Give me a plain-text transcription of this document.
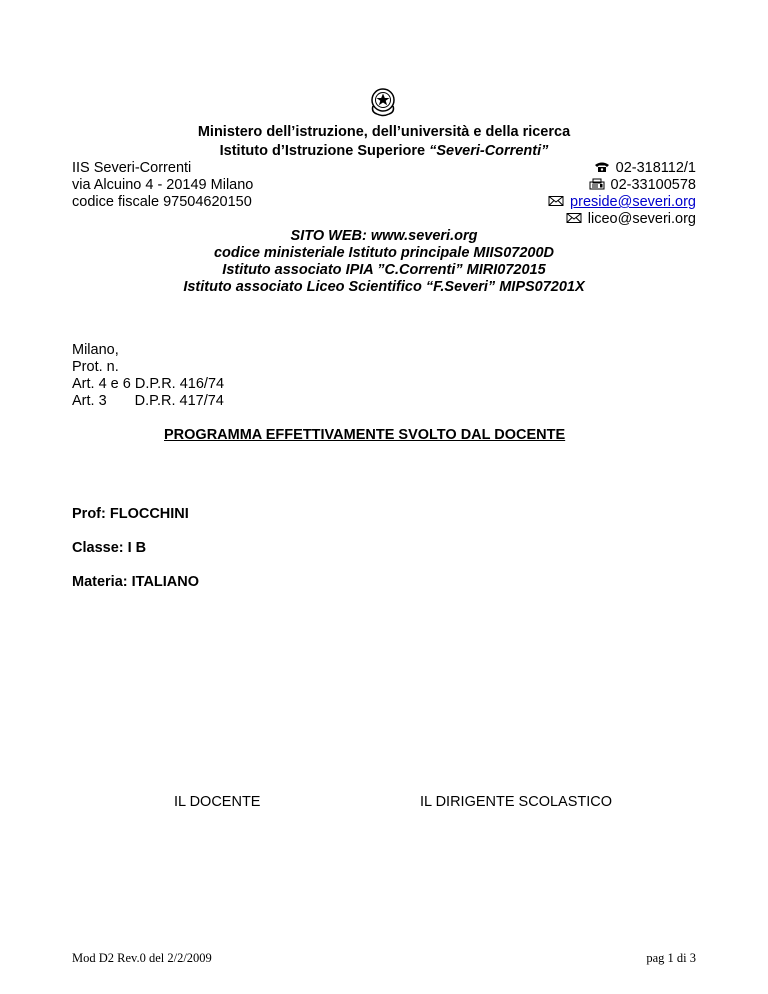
Ministero dell’istruzione, dell’università e della ricerca
Istituto d’Istruzione Superiore “Severi-Correnti”
IIS Severi-Correnti
via Alcuino 4 - 20149 Milano
codice fiscale 97504620150
02-318112/1
02-33100578
preside@severi.org
liceo@severi.org
SITO WEB: www.severi.org
codice ministeriale Istituto principale MIIS07200D
Istituto associato IPIA ”C.Correnti” MIRI072015
Istituto associato Liceo Scientifico “F.Severi” MIPS07201X
Milano,
Prot. n.
Art. 4 e 6 D.P.R. 416/74
Art. 3 D.P.R. 417/74
PROGRAMMA EFFETTIVAMENTE SVOLTO DAL DOCENTE
Prof: FLOCCHINI
Classe: I B
Materia: ITALIANO
IL DOCENTE	IL DIRIGENTE SCOLASTICO
Mod D2 Rev.0 del 2/2/2009	pag 1 di 3
